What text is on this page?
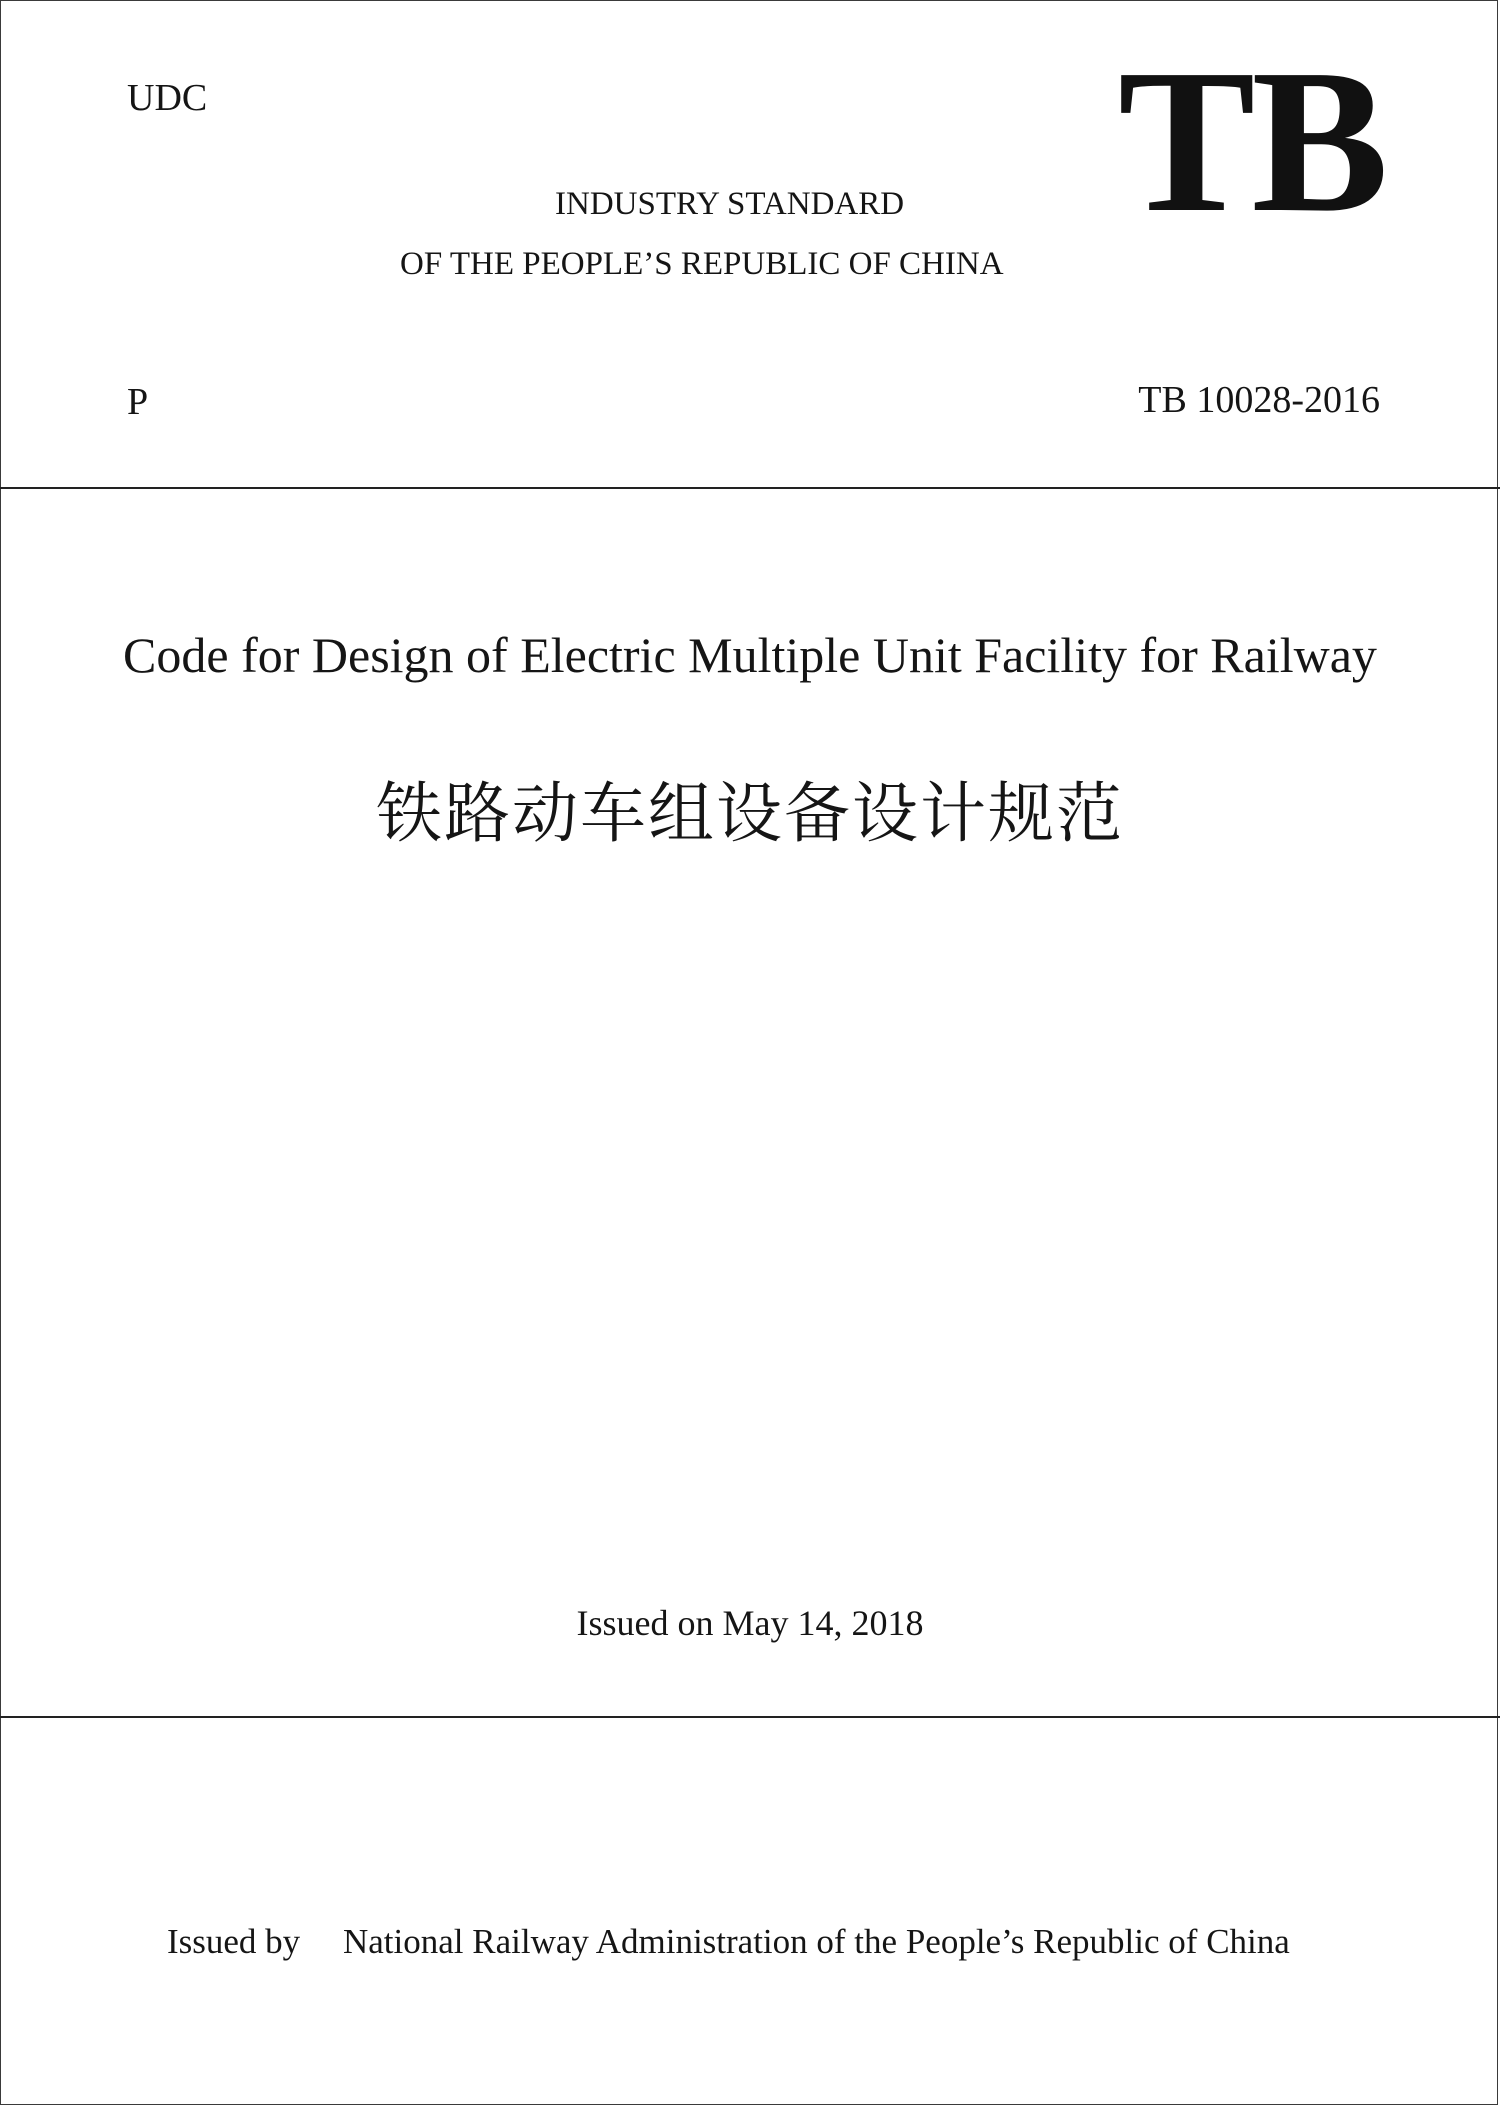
UDC	TB
INDUSTRY STANDARD
OF THE PEOPLE’S REPUBLIC OF CHINA
P	TB 10028-2016
Code for Design of Electric Multiple Unit Facility for Railway
铁路动车组设备设计规范
Issued on May 14, 2018
Issued by National Railway Administration of the People’s Republic of China
